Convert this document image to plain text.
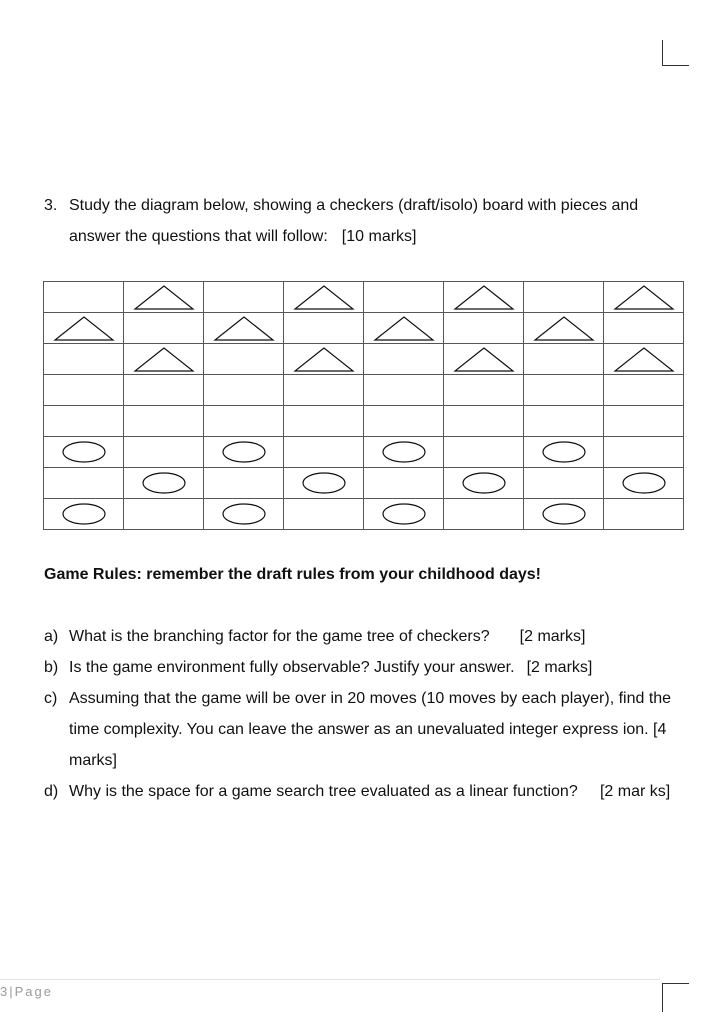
3. Study the diagram below, showing a checkers (draft/isolo) board with pieces and
answer the questions that will follow: [10 marks]

Game Rules: remember the draft rules from your childhood days!
a) What is the branching factor for the game tree of checkers? [2 marks]
b) Is the game environment fully observable? Justify your answer. [2 marks]
c) Assuming that the game will be over in 20 moves (10 moves by each player), find the time complexity. You can leave the answer as an unevaluated integer express ion. [4 marks]
d) Why is the space for a game search tree evaluated as a linear function?     [2 mar ks]
3|Page
